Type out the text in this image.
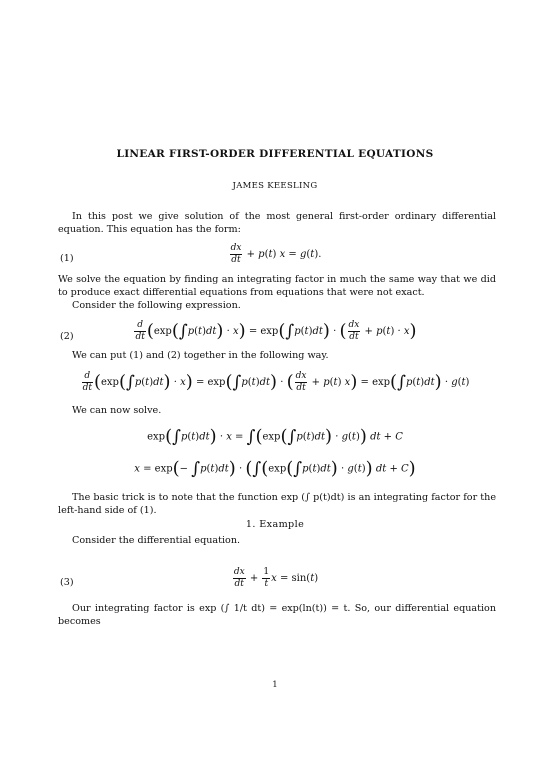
LINEAR FIRST-ORDER DIFFERENTIAL EQUATIONS
JAMES KEESLING

In this post we give solution of the most general first-order ordinary differential equation. This equation has the form:

(1)	$\frac{dx}{dt} + p(t) x = g(t)$.

We solve the equation by finding an integrating factor in much the same way that we did to produce exact differential equations from equations that were not exact.

Consider the following expression.

(2)	$\frac{d}{dt} (\exp(\int p(t)dt) \cdot x) = \exp(\int p(t)dt)$ · ( $\frac{dx}{dt} + p(t) \cdot x$)

We can put (1) and (2) together in the following way.

$\frac{d}{dt} (\exp(\int p(t)dt) \cdot x) = \exp(\int p(t)dt)$ · ( $\frac{dx}{dt} + p(t) x) = \exp(\int p(t)dt) \cdot g(t)$

We can now solve.

exp(∫p(t)dt) · x = ∫(exp(∫p(t)dt) · g(t)) dt + C
x = exp(− ∫p(t)dt) · (∫(exp(∫p(t)dt) · g(t)) dt + C)

The basic trick is to note that the function exp (∫ p(t)dt) is an integrating factor for the left-hand side of (1).

1. Example

Consider the differential equation.

(3)	$\frac{dx}{dt} + \frac{1}{t}$ x = sin(t)

Our integrating factor is exp (∫ 1/t dt) = exp(ln(t)) = t. So, our differential equation becomes

1
